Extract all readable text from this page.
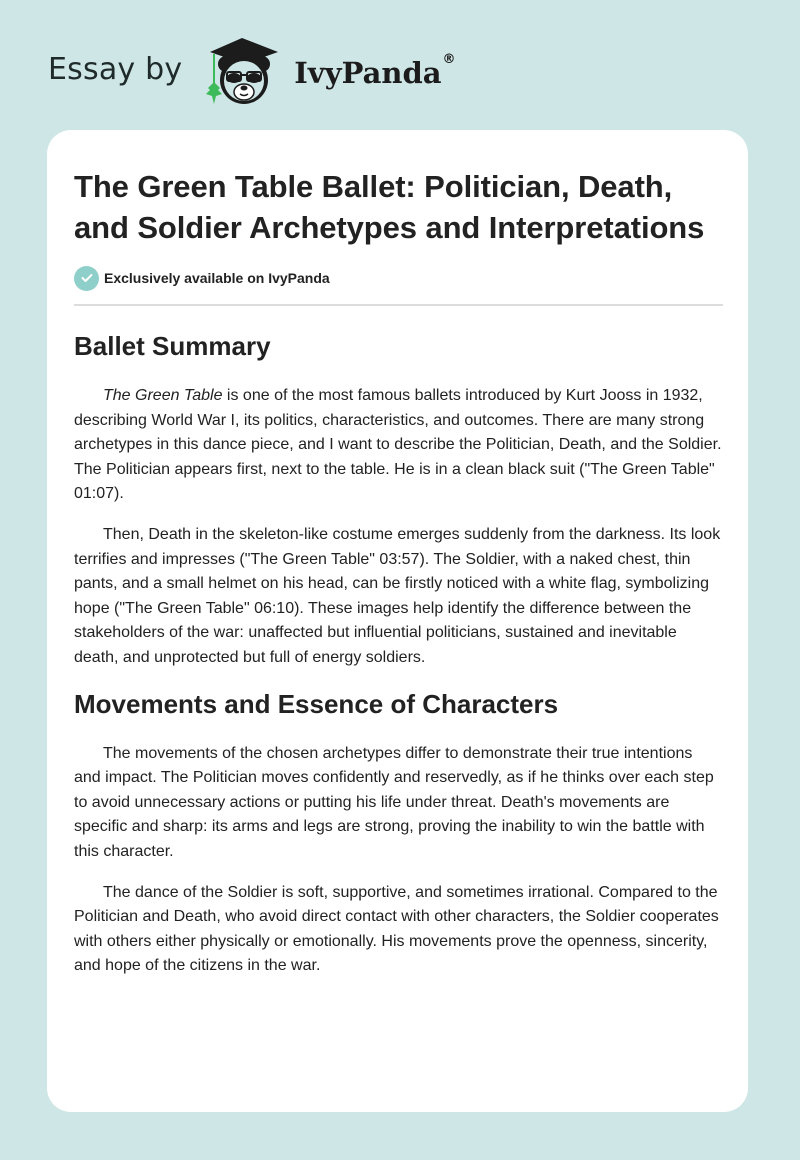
Essay by	IvyPanda®
The Green Table Ballet: Politician, Death, and Soldier Archetypes and Interpretations
Exclusively available on IvyPanda
Ballet Summary

The Green Table is one of the most famous ballets introduced by Kurt Jooss in 1932, describing World War I, its politics, characteristics, and outcomes. There are many strong archetypes in this dance piece, and I want to describe the Politician, Death, and the Soldier. The Politician appears first, next to the table. He is in a clean black suit ("The Green Table" 01:07).

Then, Death in the skeleton-like costume emerges suddenly from the darkness. Its look terrifies and impresses ("The Green Table" 03:57). The Soldier, with a naked chest, thin pants, and a small helmet on his head, can be firstly noticed with a white flag, symbolizing hope ("The Green Table" 06:10). These images help identify the difference between the stakeholders of the war: unaffected but influential politicians, sustained and inevitable death, and unprotected but full of energy soldiers.

Movements and Essence of Characters

The movements of the chosen archetypes differ to demonstrate their true intentions and impact. The Politician moves confidently and reservedly, as if he thinks over each step to avoid unnecessary actions or putting his life under threat. Death's movements are specific and sharp: its arms and legs are strong, proving the inability to win the battle with this character.

The dance of the Soldier is soft, supportive, and sometimes irrational. Compared to the Politician and Death, who avoid direct contact with other characters, the Soldier cooperates with others either physically or emotionally. His movements prove the openness, sincerity, and hope of the citizens in the war.
